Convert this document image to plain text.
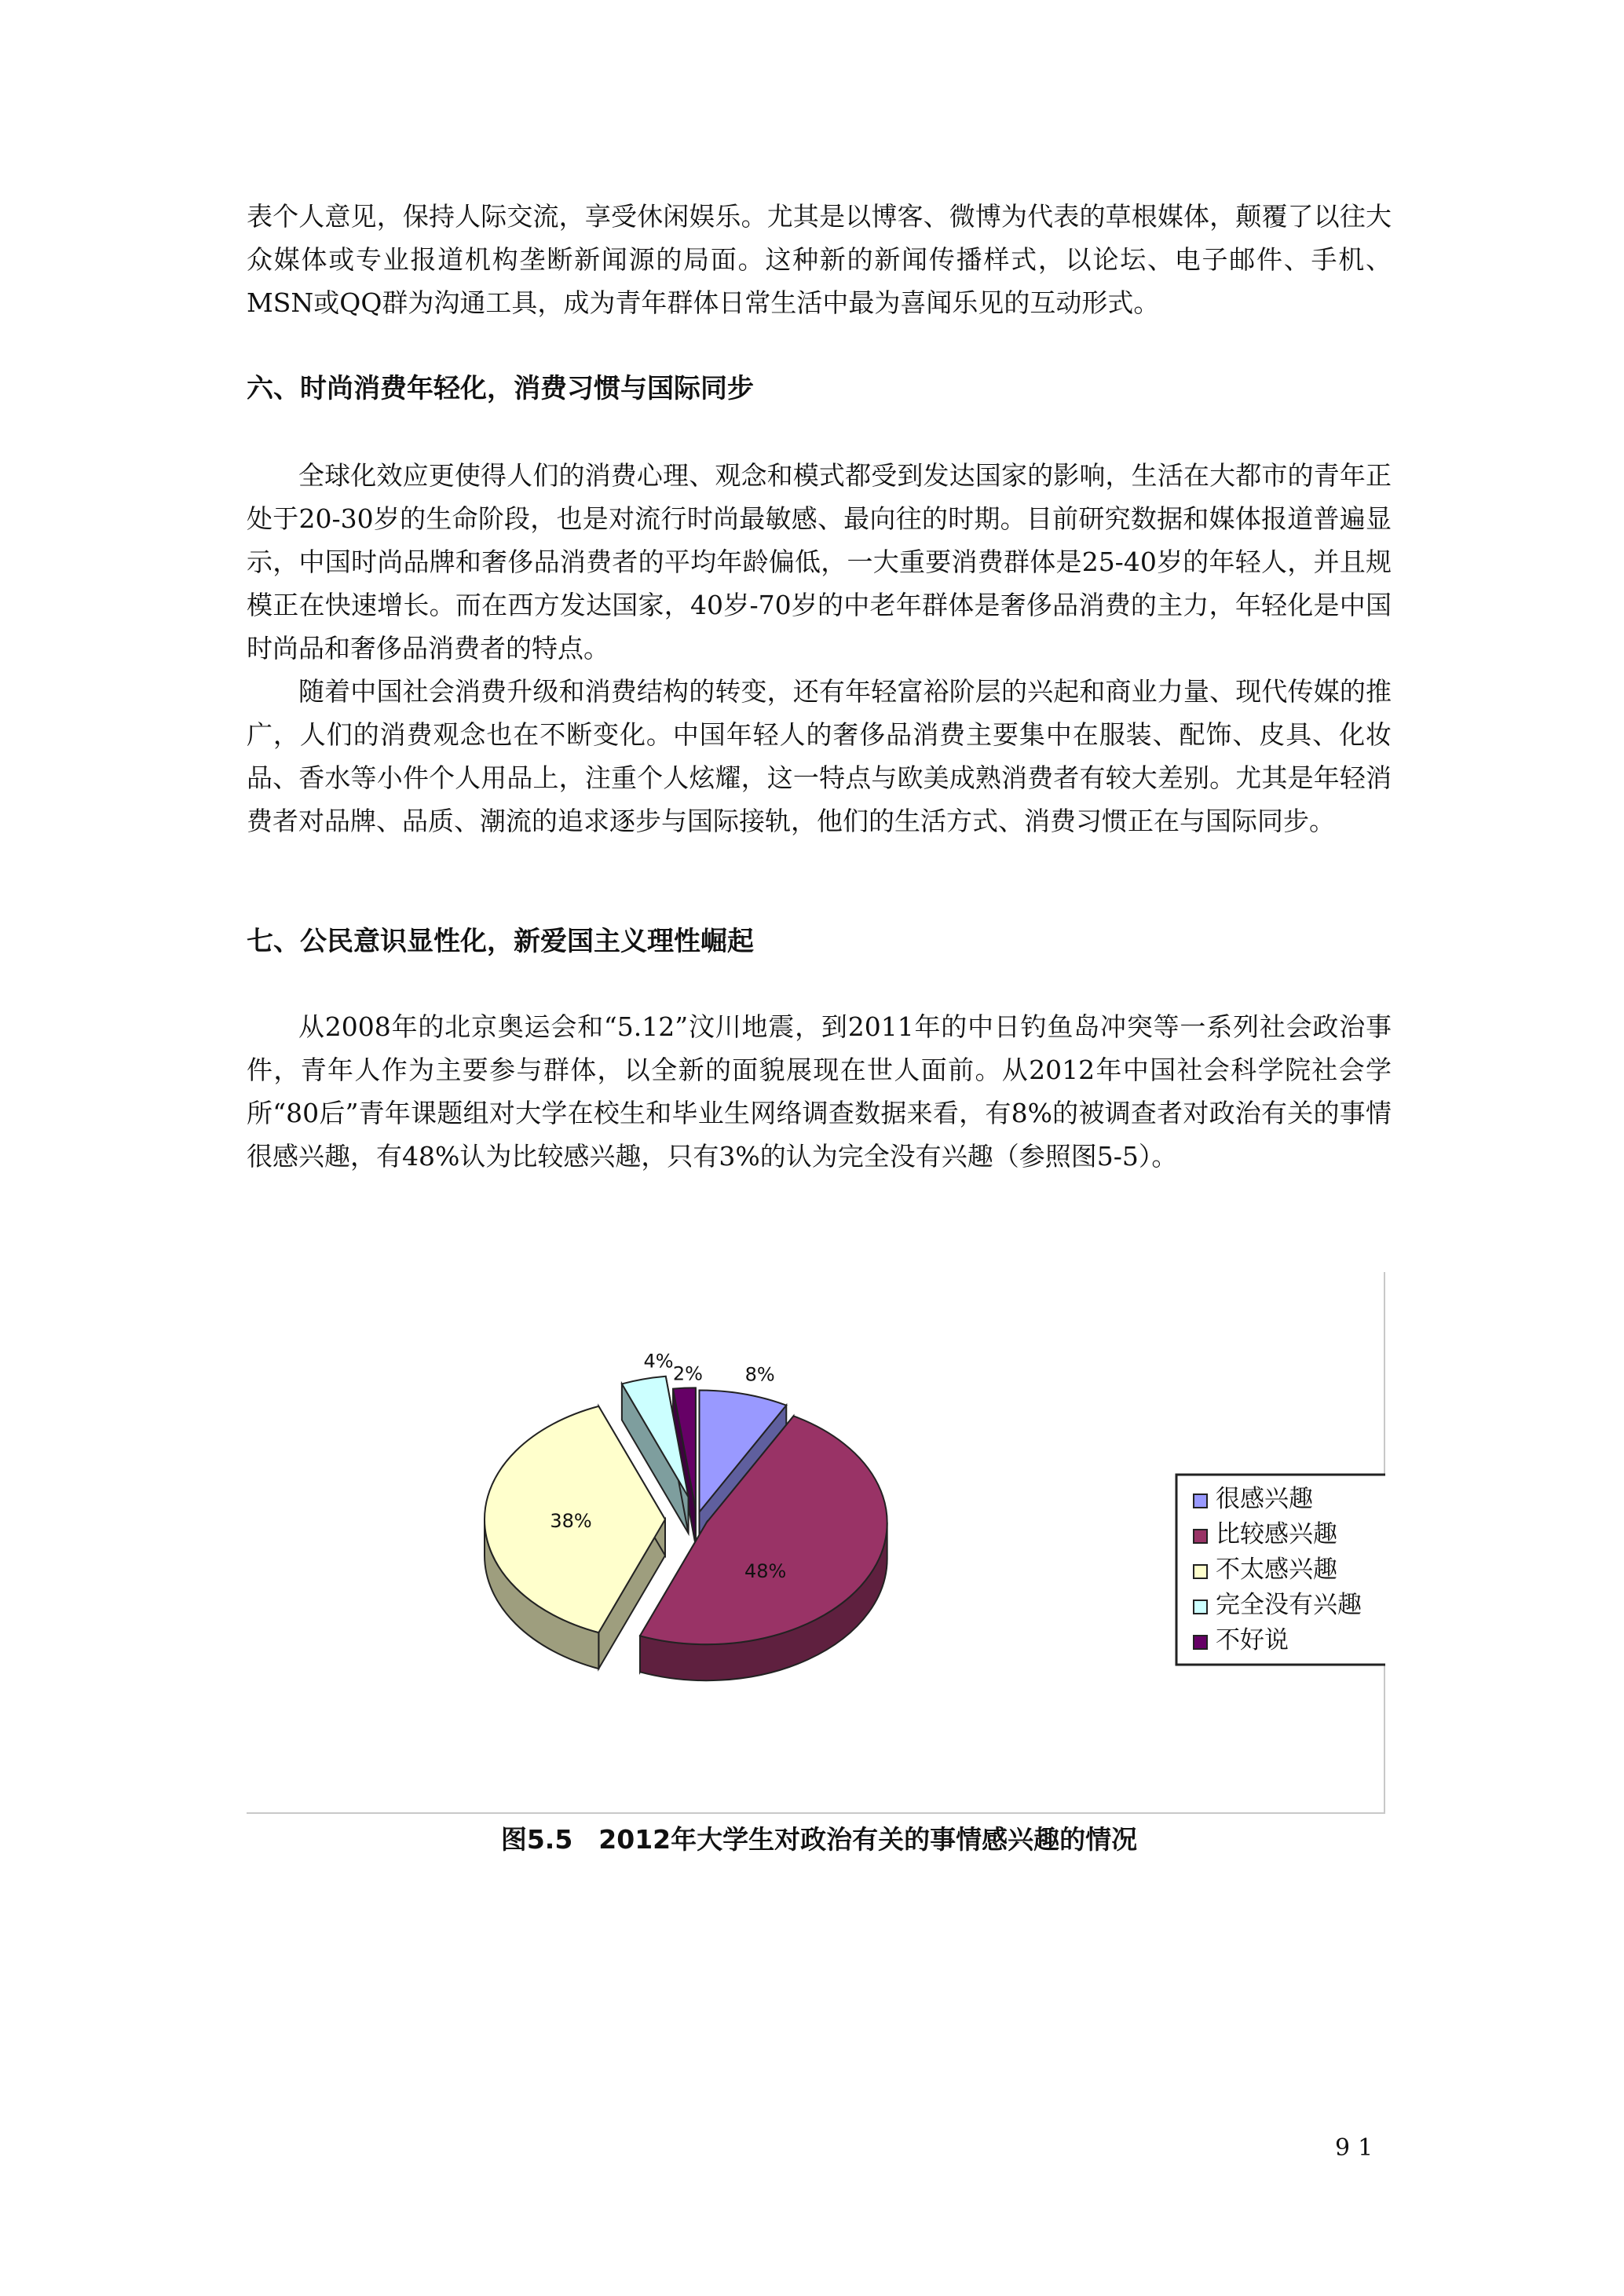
表个人意见，保持人际交流，享受休闲娱乐。尤其是以博客、微博为代表的草根媒体，颠覆了以往大众媒体或专业报道机构垄断新闻源的局面。这种新的新闻传播样式，以论坛、电子邮件、手机、MSN或QQ群为沟通工具，成为青年群体日常生活中最为喜闻乐见的互动形式。

六、时尚消费年轻化，消费习惯与国际同步

全球化效应更使得人们的消费心理、观念和模式都受到发达国家的影响，生活在大都市的青年正处于20-30岁的生命阶段，也是对流行时尚最敏感、最向往的时期。目前研究数据和媒体报道普遍显示，中国时尚品牌和奢侈品消费者的平均年龄偏低，一大重要消费群体是25-40岁的年轻人，并且规模正在快速增长。而在西方发达国家，40岁-70岁的中老年群体是奢侈品消费的主力，年轻化是中国时尚品和奢侈品消费者的特点。

随着中国社会消费升级和消费结构的转变，还有年轻富裕阶层的兴起和商业力量、现代传媒的推广，人们的消费观念也在不断变化。中国年轻人的奢侈品消费主要集中在服装、配饰、皮具、化妆品、香水等小件个人用品上，注重个人炫耀，这一特点与欧美成熟消费者有较大差别。尤其是年轻消费者对品牌、品质、潮流的追求逐步与国际接轨，他们的生活方式、消费习惯正在与国际同步。

七、公民意识显性化，新爱国主义理性崛起

从2008年的北京奥运会和“5.12”汶川地震，到2011年的中日钓鱼岛冲突等一系列社会政治事件，青年人作为主要参与群体，以全新的面貌展现在世人面前。从2012年中国社会科学院社会学所“80后”青年课题组对大学在校生和毕业生网络调查数据来看，有8%的被调查者对政治有关的事情很感兴趣，有48%认为比较感兴趣，只有3%的认为完全没有兴趣（参照图5-5）。

8%
48%
38%
4%
2%
很感兴趣
比较感兴趣
不太感兴趣
完全没有兴趣
不好说
图5.5　2012年大学生对政治有关的事情感兴趣的情况
91
